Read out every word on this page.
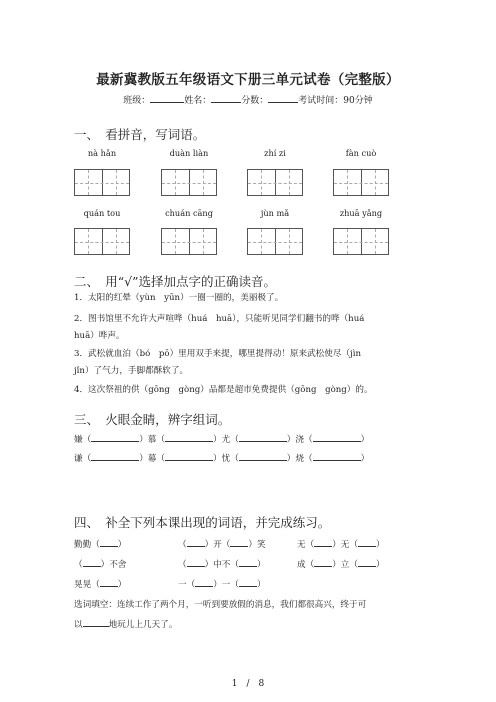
最新冀教版五年级语文下册三单元试卷（完整版）
班级：	姓名：	分数：	考试时间：90分钟
一、　看拼音，写词语。
nà hǎn	duàn liàn	zhí zi	fàn cuò
quán tou	chuán cāng	jùn mǎ	zhuā yǎng
二、　用“√”选择加点字的正确读音。
1．太阳的红晕（yùn　yūn）一圈一圈的，美丽极了。
2．图书馆里不允许大声喧哗（huá　huā），只能听见同学们翻书的哗（huá
huā）哗声。
3．武松就血泊（bó　pō）里用双手来提，哪里提得动！原来武松使尽（jìn
jǐn）了气力，手脚都酥软了。
4．这次祭祖的供（gōng　gòng）品都是超市免费提供（gōng　gòng）的。
三、　火眼金睛，辨字组词。
嫌（	）慕（	）尤（	）浇（	）
谦（	）幕（	）忧（	）烧（	）
四、　补全下列本课出现的词语，并完成练习。
勤勤（ ）	（ ）开（ ）笑	无（ ）无（ ）
（ ）不舍	（ ）中不（ ）	成（ ）立（ ）
晃晃（ ）	一（ ）一（ ）
选词填空：连续工作了两个月，一听到要放假的消息，我们都很高兴，终于可
以	地玩儿上几天了。
1　/　8
